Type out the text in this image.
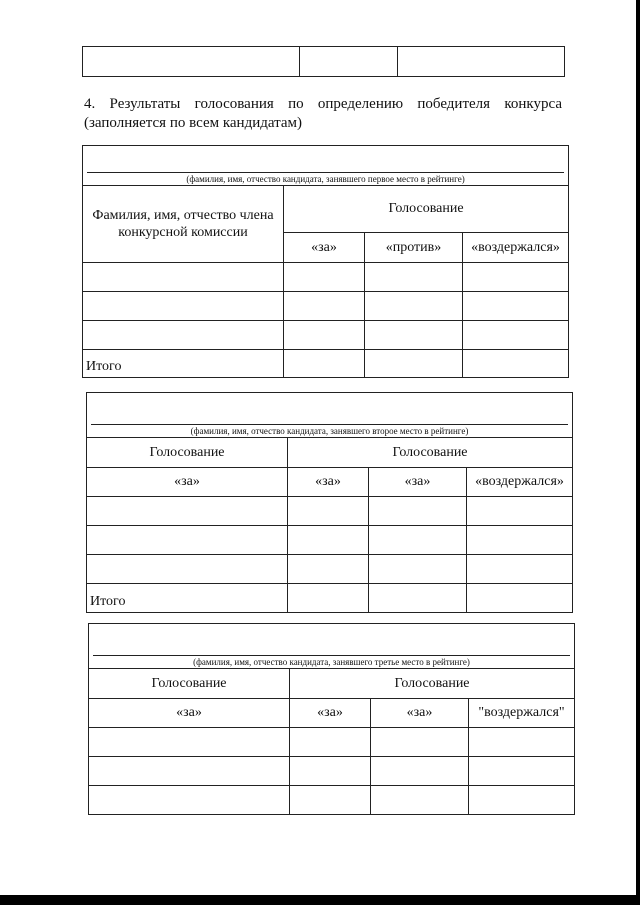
4. Результаты голосования по определению победителя конкурса
(заполняется по всем кандидатам)
(фамилия, имя, отчество кандидата, занявшего первое место в рейтинге)			

Фамилия, имя, отчество члена конкурсной комиссии	Голосование		
	«за»	«против»	«воздержался»

Итого			
(фамилия, имя, отчество кандидата, занявшего второе место в рейтинге)			

Голосование	Голосование		
«за»	«за»	«за»	«воздержался»

Итого			
(фамилия, имя, отчество кандидата, занявшего третье место в рейтинге)			

Голосование	Голосование		
«за»	«за»	«за»	"воздержался"
